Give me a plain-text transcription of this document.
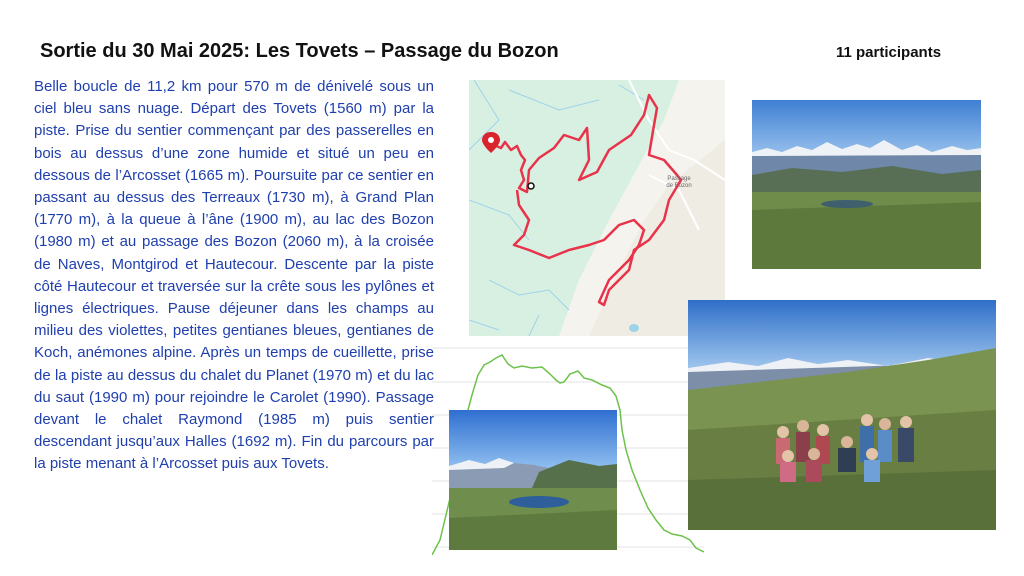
Sortie du 30 Mai 2025: Les Tovets – Passage du Bozon	11 participants
Belle boucle de 11,2 km pour 570 m de dénivelé sous un ciel bleu sans nuage. Départ des Tovets (1560 m) par la piste. Prise du sentier commençant par des passerelles en bois au dessus d’une zone humide et situé un peu en dessous de l’Arcosset (1665 m). Poursuite par ce sentier en passant au dessus des Terreaux (1730 m), à Grand Plan (1770 m), à la queue à l’âne (1900 m), au lac des Bozon (1980 m) et au passage des Bozon (2060 m), à la croisée de Naves, Montgirod et Hautecour. Descente par la piste côté Hautecour et traversée sur la crête sous les pylônes et lignes électriques. Pause déjeuner dans les champs au milieu des violettes, petites gentianes bleues, gentianes de Koch, anémones alpine. Après un temps de cueillette, prise de la piste au dessus du chalet du Planet (1970 m) et du lac du saut (1990 m) pour rejoindre le Carolet (1990). Passage devant le chalet Raymond (1985 m) puis sentier descendant jusqu’aux Halles (1692 m). Fin du parcours par la piste menant à l’Arcosset puis aux Tovets.
Passage
de Bozon
